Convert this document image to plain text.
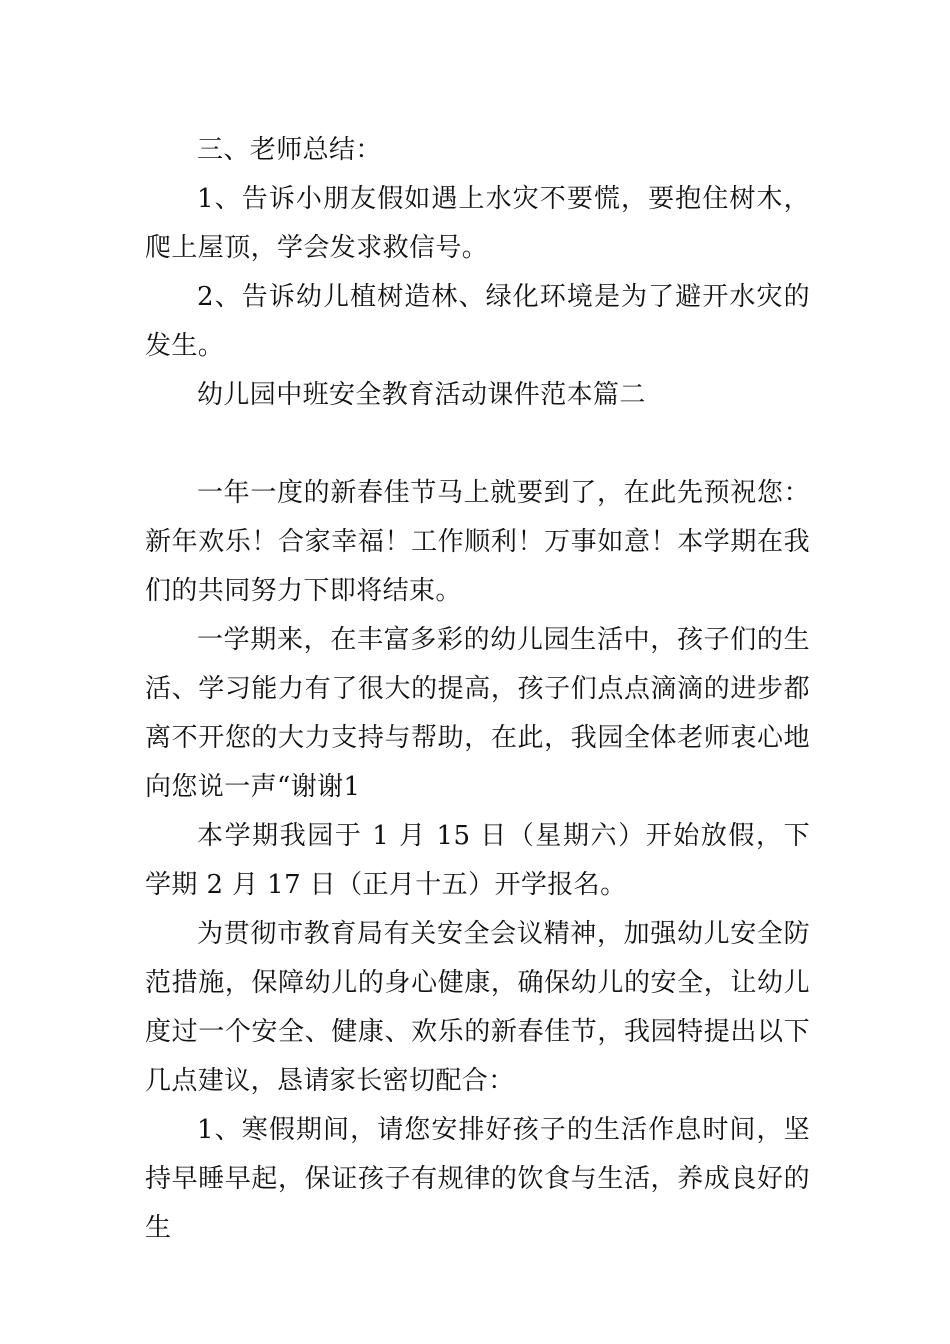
三、老师总结：

1、告诉小朋友假如遇上水灾不要慌，要抱住树木，爬上屋顶，学会发求救信号。

2、告诉幼儿植树造林、绿化环境是为了避开水灾的发生。

幼儿园中班安全教育活动课件范本篇二

一年一度的新春佳节马上就要到了，在此先预祝您：新年欢乐！合家幸福！工作顺利！万事如意！本学期在我们的共同努力下即将结束。

一学期来，在丰富多彩的幼儿园生活中，孩子们的生活、学习能力有了很大的提高，孩子们点点滴滴的进步都离不开您的大力支持与帮助，在此，我园全体老师衷心地向您说一声“谢谢1

本学期我园于 1 月 15 日（星期六）开始放假，下学期 2 月 17 日（正月十五）开学报名。

为贯彻市教育局有关安全会议精神，加强幼儿安全防范措施，保障幼儿的身心健康，确保幼儿的安全，让幼儿度过一个安全、健康、欢乐的新春佳节，我园特提出以下几点建议，恳请家长密切配合：

1、寒假期间，请您安排好孩子的生活作息时间，坚持早睡早起，保证孩子有规律的饮食与生活，养成良好的生
